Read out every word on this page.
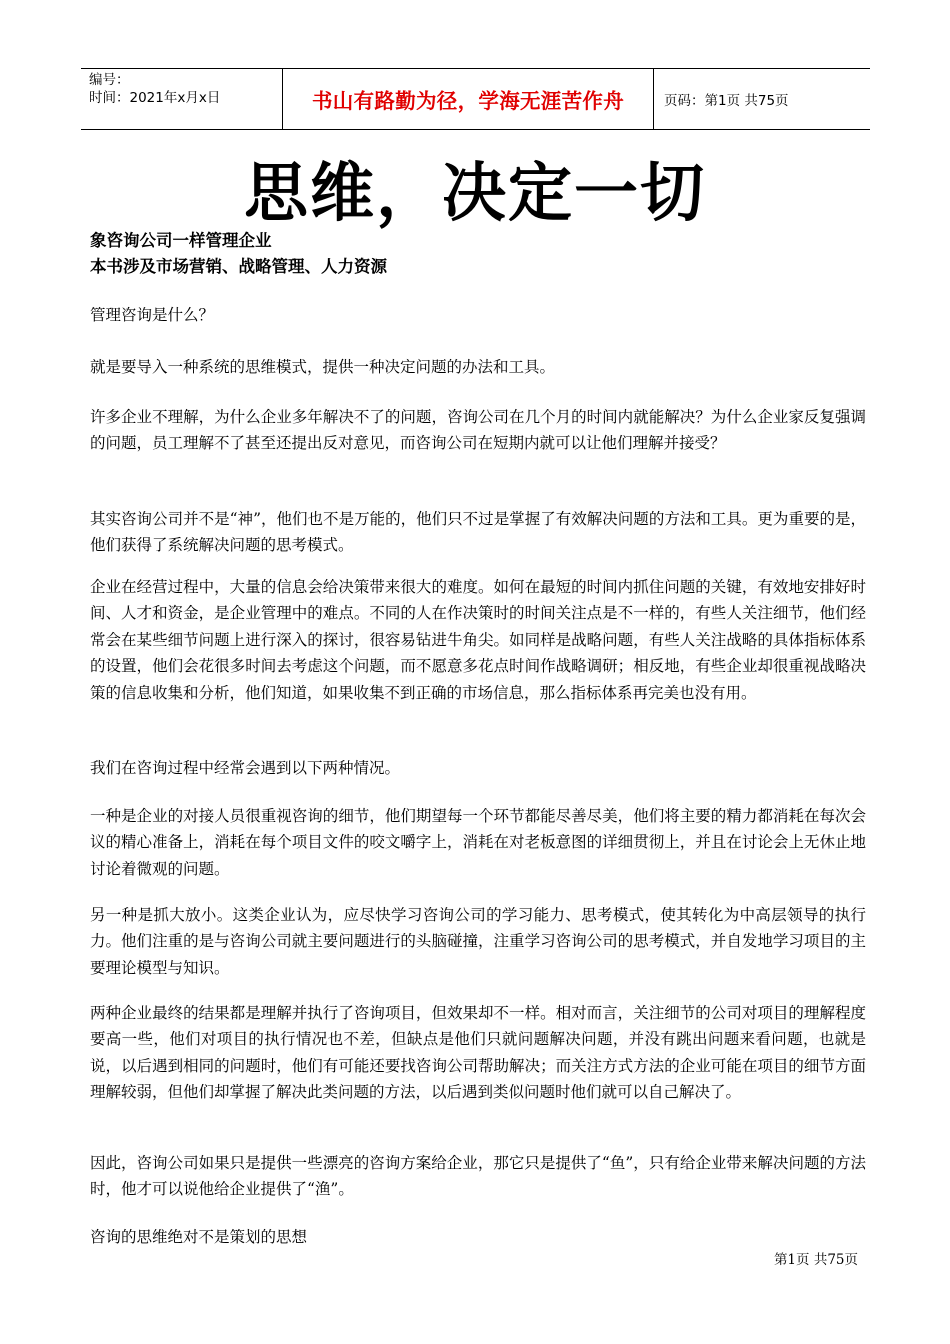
编号：
时间：2021年x月x日	书山有路勤为径，学海无涯苦作舟	页码：第1页 共75页
思维，决定一切
象咨询公司一样管理企业
本书涉及市场营销、战略管理、人力资源
管理咨询是什么？
就是要导入一种系统的思维模式，提供一种决定问题的办法和工具。
许多企业不理解，为什么企业多年解决不了的问题，咨询公司在几个月的时间内就能解决？为什么企业家反复强调的问题，员工理解不了甚至还提出反对意见，而咨询公司在短期内就可以让他们理解并接受？
其实咨询公司并不是“神”，他们也不是万能的，他们只不过是掌握了有效解决问题的方法和工具。更为重要的是，他们获得了系统解决问题的思考模式。
企业在经营过程中，大量的信息会给决策带来很大的难度。如何在最短的时间内抓住问题的关键，有效地安排好时间、人才和资金，是企业管理中的难点。不同的人在作决策时的时间关注点是不一样的，有些人关注细节，他们经常会在某些细节问题上进行深入的探讨，很容易钻进牛角尖。如同样是战略问题，有些人关注战略的具体指标体系的设置，他们会花很多时间去考虑这个问题，而不愿意多花点时间作战略调研；相反地，有些企业却很重视战略决策的信息收集和分析，他们知道，如果收集不到正确的市场信息，那么指标体系再完美也没有用。
我们在咨询过程中经常会遇到以下两种情况。
一种是企业的对接人员很重视咨询的细节，他们期望每一个环节都能尽善尽美，他们将主要的精力都消耗在每次会议的精心准备上，消耗在每个项目文件的咬文嚼字上，消耗在对老板意图的详细贯彻上，并且在讨论会上无休止地讨论着微观的问题。
另一种是抓大放小。这类企业认为，应尽快学习咨询公司的学习能力、思考模式，使其转化为中高层领导的执行力。他们注重的是与咨询公司就主要问题进行的头脑碰撞，注重学习咨询公司的思考模式，并自发地学习项目的主要理论模型与知识。
两种企业最终的结果都是理解并执行了咨询项目，但效果却不一样。相对而言，关注细节的公司对项目的理解程度要高一些，他们对项目的执行情况也不差，但缺点是他们只就问题解决问题，并没有跳出问题来看问题，也就是说，以后遇到相同的问题时，他们有可能还要找咨询公司帮助解决；而关注方式方法的企业可能在项目的细节方面理解较弱，但他们却掌握了解决此类问题的方法，以后遇到类似问题时他们就可以自己解决了。
因此，咨询公司如果只是提供一些漂亮的咨询方案给企业，那它只是提供了“鱼”，只有给企业带来解决问题的方法时，他才可以说他给企业提供了“渔”。
咨询的思维绝对不是策划的思想
第1页 共75页
